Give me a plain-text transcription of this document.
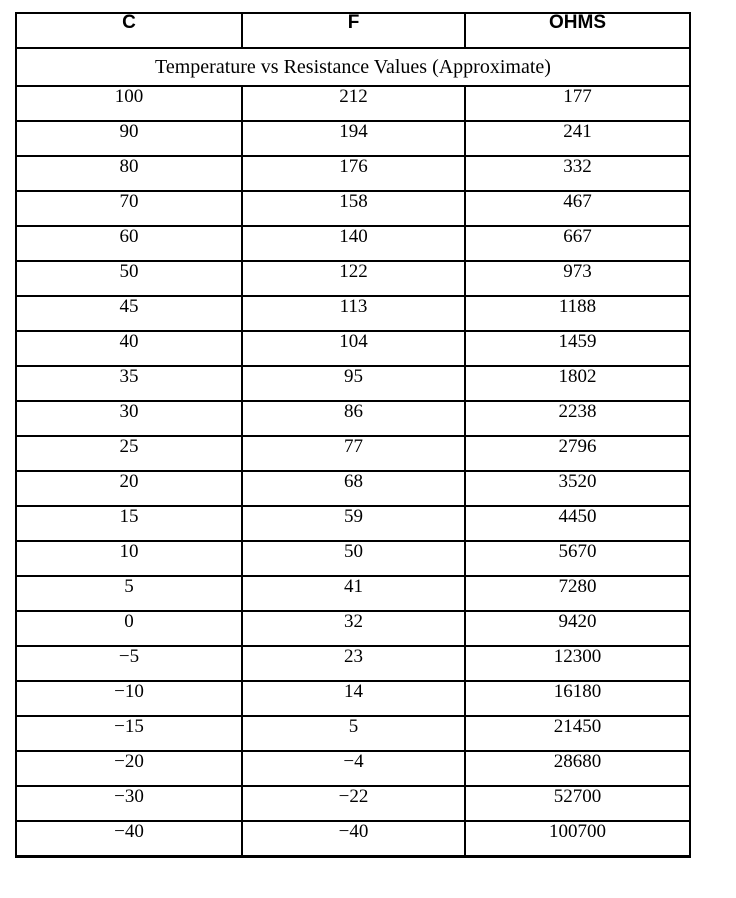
C	F	OHMS
Temperature vs Resistance Values (Approximate)		
100	212	177
90	194	241
80	176	332
70	158	467
60	140	667
50	122	973
45	113	1188
40	104	1459
35	95	1802
30	86	2238
25	77	2796
20	68	3520
15	59	4450
10	50	5670
5	41	7280
0	32	9420
−5	23	12300
−10	14	16180
−15	5	21450
−20	−4	28680
−30	−22	52700
−40	−40	100700
